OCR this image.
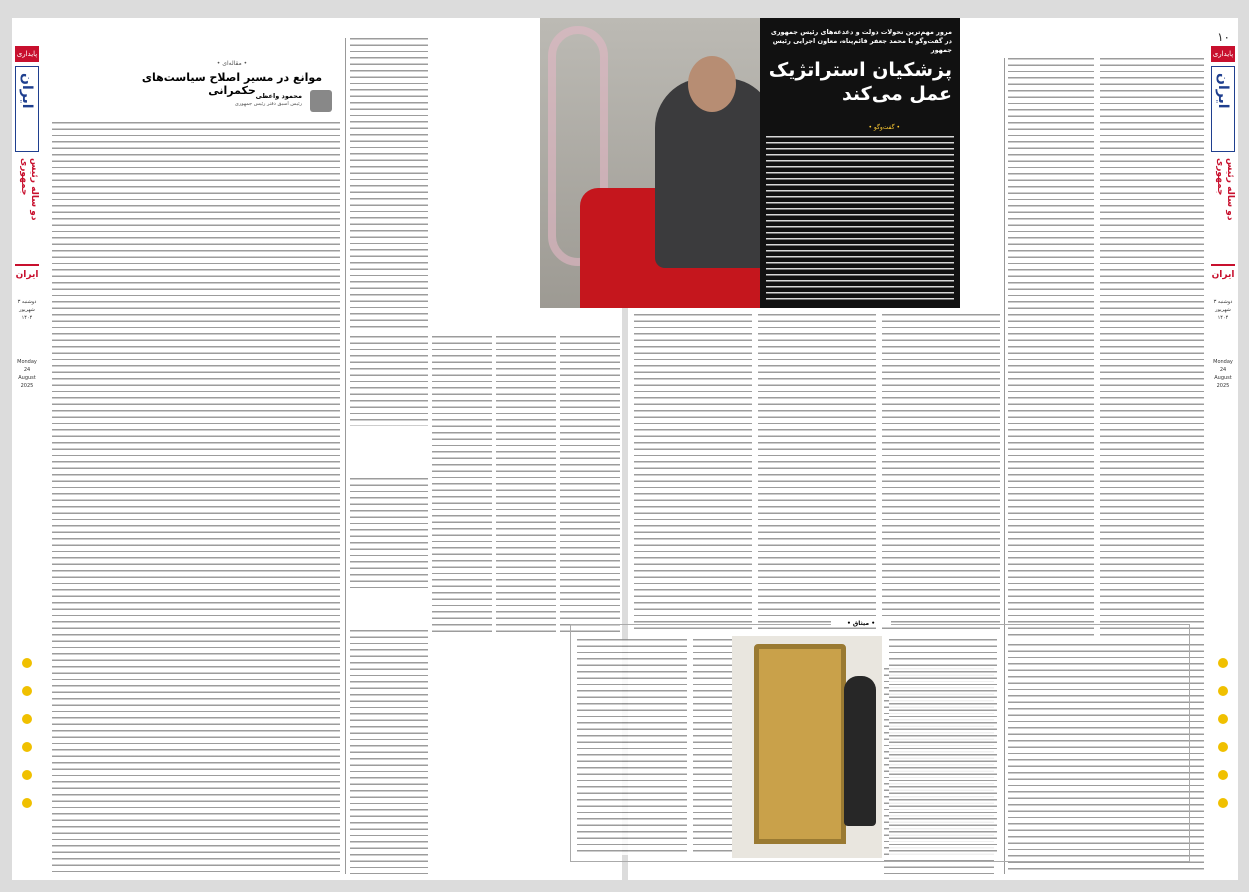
پایداری
ایران
دو ساله رئیس جمهوری
ایران
دوشنبه ۳ شهریور ۱۴۰۴
Monday 24 August 2025
• مقاله‌ای •
موانع در مسیر اصلاح سیاست‌های حکمرانی محمود واعظی
رئیس اسبق دفتر رئیس جمهوری
۱۰
پایداری
ایران
دو ساله رئیس جمهوری
ایران
دوشنبه ۳ شهریور ۱۴۰۴
Monday 24 August 2025
مرور مهم‌ترین تحولات دولت و دغدغه‌های رئیس جمهوری در گفت‌وگو با محمد جعفر قائم‌پناه، معاون اجرایی رئیس جمهور
پزشکیان استراتژیک عمل می‌کند
• گفت‌وگو •
• میثاق •
